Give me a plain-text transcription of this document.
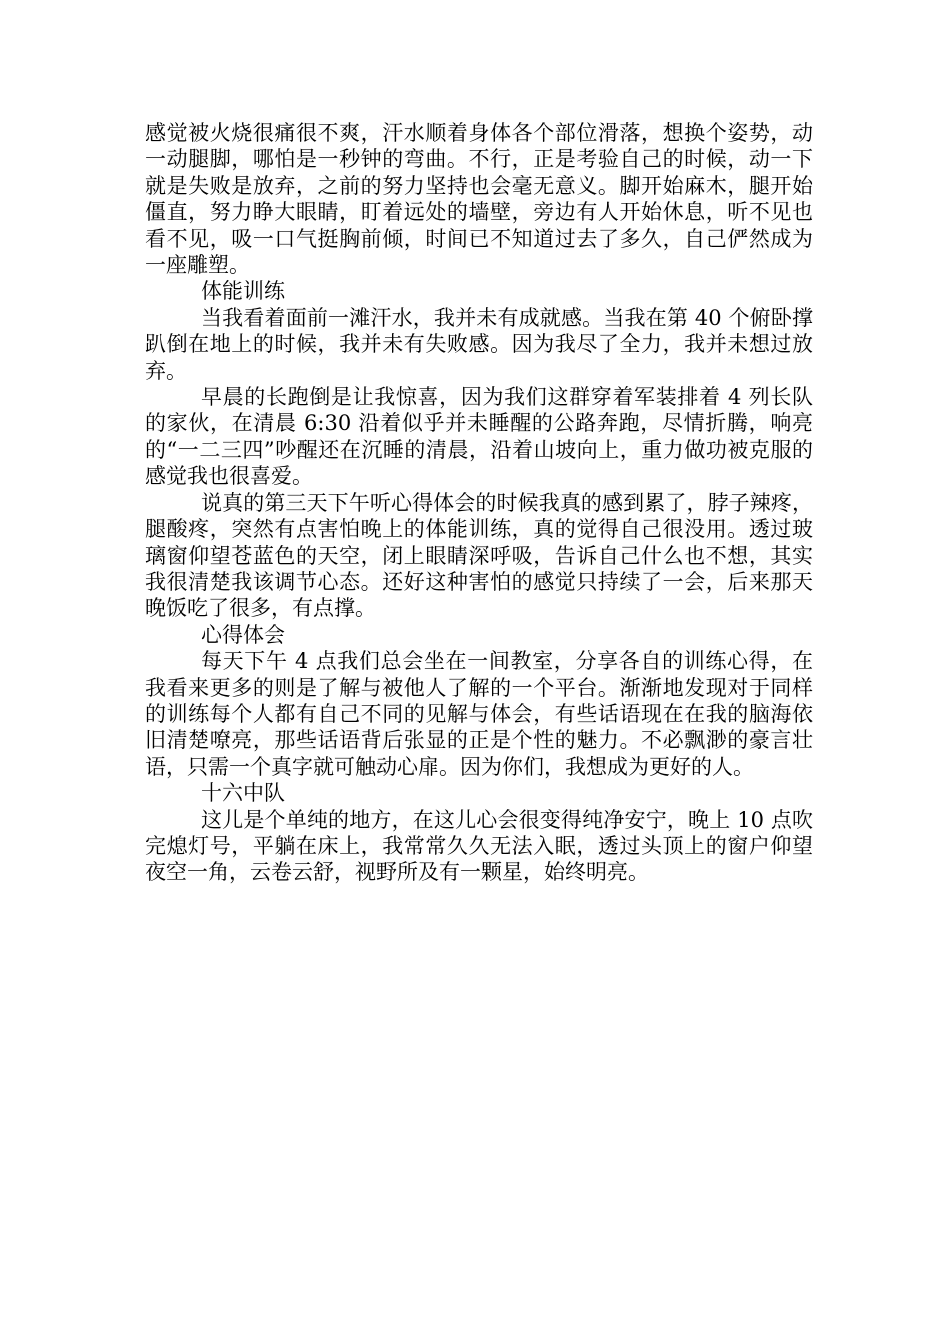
感觉被火烧很痛很不爽，汗水顺着身体各个部位滑落，想换个姿势，动一动腿脚，哪怕是一秒钟的弯曲。不行，正是考验自己的时候，动一下就是失败是放弃，之前的努力坚持也会毫无意义。脚开始麻木，腿开始僵直，努力睁大眼睛，盯着远处的墙壁，旁边有人开始休息，听不见也看不见，吸一口气挺胸前倾，时间已不知道过去了多久，自己俨然成为一座雕塑。

体能训练

当我看着面前一滩汗水，我并未有成就感。当我在第 40 个俯卧撑趴倒在地上的时候，我并未有失败感。因为我尽了全力，我并未想过放弃。

早晨的长跑倒是让我惊喜，因为我们这群穿着军装排着 4 列长队的家伙，在清晨 6:30 沿着似乎并未睡醒的公路奔跑，尽情折腾，响亮的“一二三四”吵醒还在沉睡的清晨，沿着山坡向上，重力做功被克服的感觉我也很喜爱。

说真的第三天下午听心得体会的时候我真的感到累了，脖子辣疼，腿酸疼，突然有点害怕晚上的体能训练，真的觉得自己很没用。透过玻璃窗仰望苍蓝色的天空，闭上眼睛深呼吸，告诉自己什么也不想，其实我很清楚我该调节心态。还好这种害怕的感觉只持续了一会，后来那天晚饭吃了很多，有点撑。

心得体会

每天下午 4 点我们总会坐在一间教室，分享各自的训练心得，在我看来更多的则是了解与被他人了解的一个平台。渐渐地发现对于同样的训练每个人都有自己不同的见解与体会，有些话语现在在我的脑海依旧清楚嘹亮，那些话语背后张显的正是个性的魅力。不必飘渺的豪言壮语，只需一个真字就可触动心扉。因为你们，我想成为更好的人。

十六中队

这儿是个单纯的地方，在这儿心会很变得纯净安宁，晚上 10 点吹完熄灯号，平躺在床上，我常常久久无法入眠，透过头顶上的窗户仰望夜空一角，云卷云舒，视野所及有一颗星，始终明亮。
